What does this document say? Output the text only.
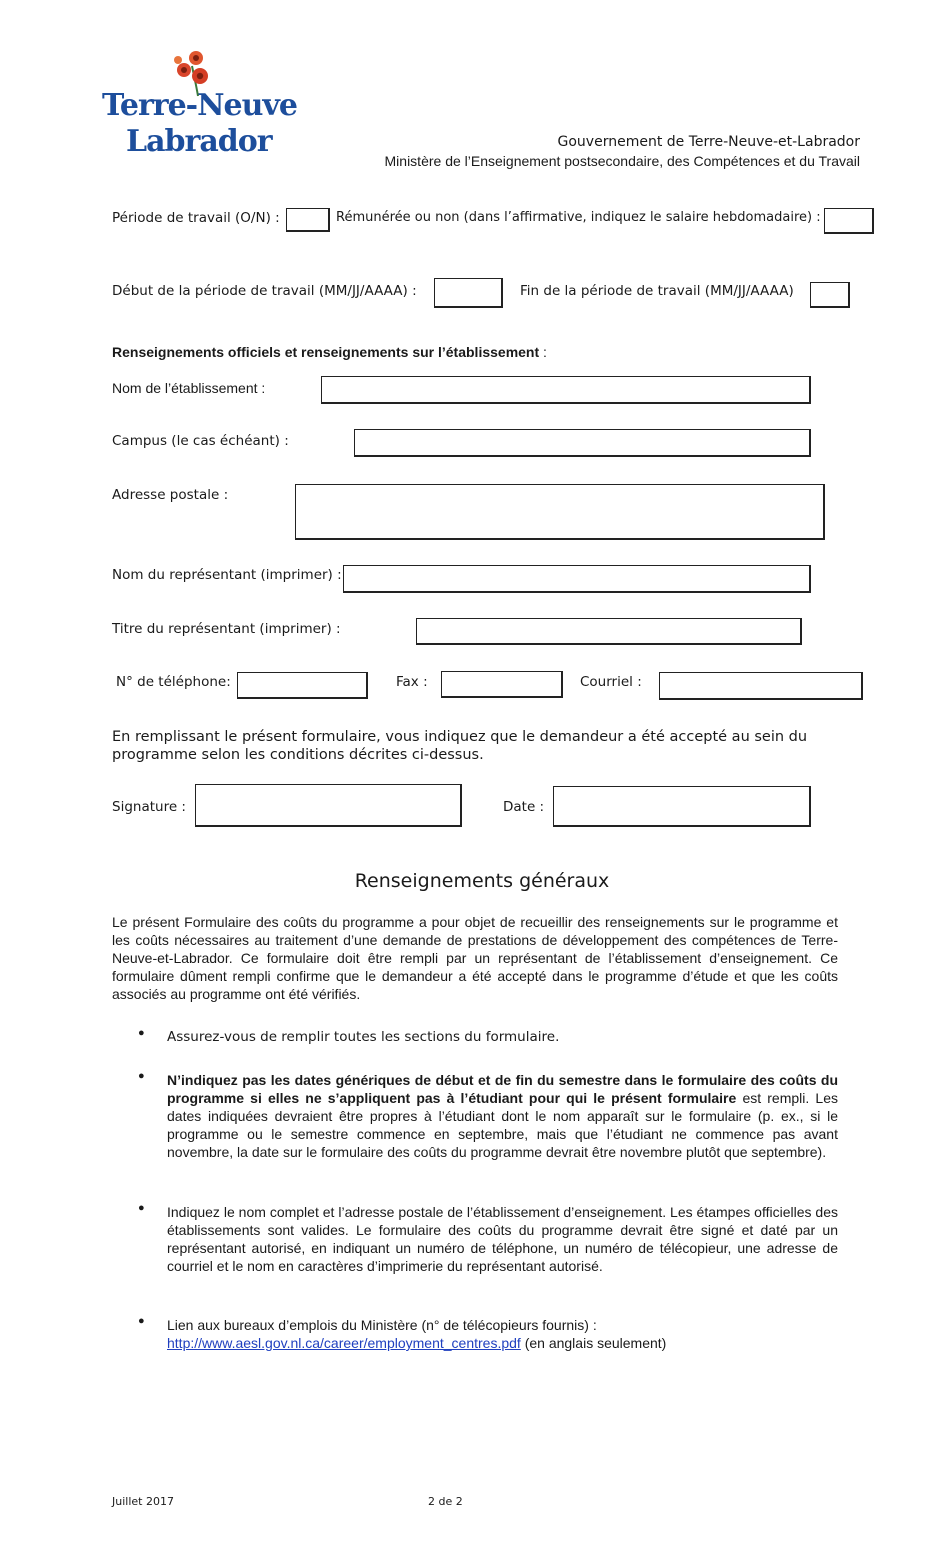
Terre-Neuve
Labrador	Gouvernement de Terre-Neuve-et-Labrador
Ministère de l’Enseignement postsecondaire, des Compétences et du Travail
Période de travail (O/N) :	Rémunérée ou non (dans l’affirmative, indiquez le salaire hebdomadaire) :
Début de la période de travail (MM/JJ/AAAA) :	Fin de la période de travail (MM/JJ/AAAA)
Renseignements officiels et renseignements sur l’établissement :
Nom de l’établissement :
Campus (le cas échéant) :
Adresse postale :
Nom du représentant (imprimer) :
Titre du représentant (imprimer) :
N° de téléphone:	Fax :	Courriel :
En remplissant le présent formulaire, vous indiquez que le demandeur a été accepté au sein du programme selon les conditions décrites ci-dessus.
Signature :	Date :
Renseignements généraux
Le présent Formulaire des coûts du programme a pour objet de recueillir des renseignements sur le programme et les coûts nécessaires au traitement d’une demande de prestations de développement des compétences de Terre-Neuve-et-Labrador. Ce formulaire doit être rempli par un représentant de l’établissement d’enseignement. Ce formulaire dûment rempli confirme que le demandeur a été accepté dans le programme d’étude et que les coûts associés au programme ont été vérifiés.
● Assurez-vous de remplir toutes les sections du formulaire.
● N’indiquez pas les dates génériques de début et de fin du semestre dans le formulaire des coûts du programme si elles ne s’appliquent pas à l’étudiant pour qui le présent formulaire est rempli. Les dates indiquées devraient être propres à l’étudiant dont le nom apparaît sur le formulaire (p. ex., si le programme ou le semestre commence en septembre, mais que l’étudiant ne commence pas avant novembre, la date sur le formulaire des coûts du programme devrait être novembre plutôt que septembre).
● Indiquez le nom complet et l’adresse postale de l’établissement d’enseignement. Les étampes officielles des établissements sont valides. Le formulaire des coûts du programme devrait être signé et daté par un représentant autorisé, en indiquant un numéro de téléphone, un numéro de télécopieur, une adresse de courriel et le nom en caractères d’imprimerie du représentant autorisé.
● Lien aux bureaux d’emplois du Ministère (n° de télécopieurs fournis) :
http://www.aesl.gov.nl.ca/career/employment_centres.pdf (en anglais seulement)
Juillet 2017	2 de 2
